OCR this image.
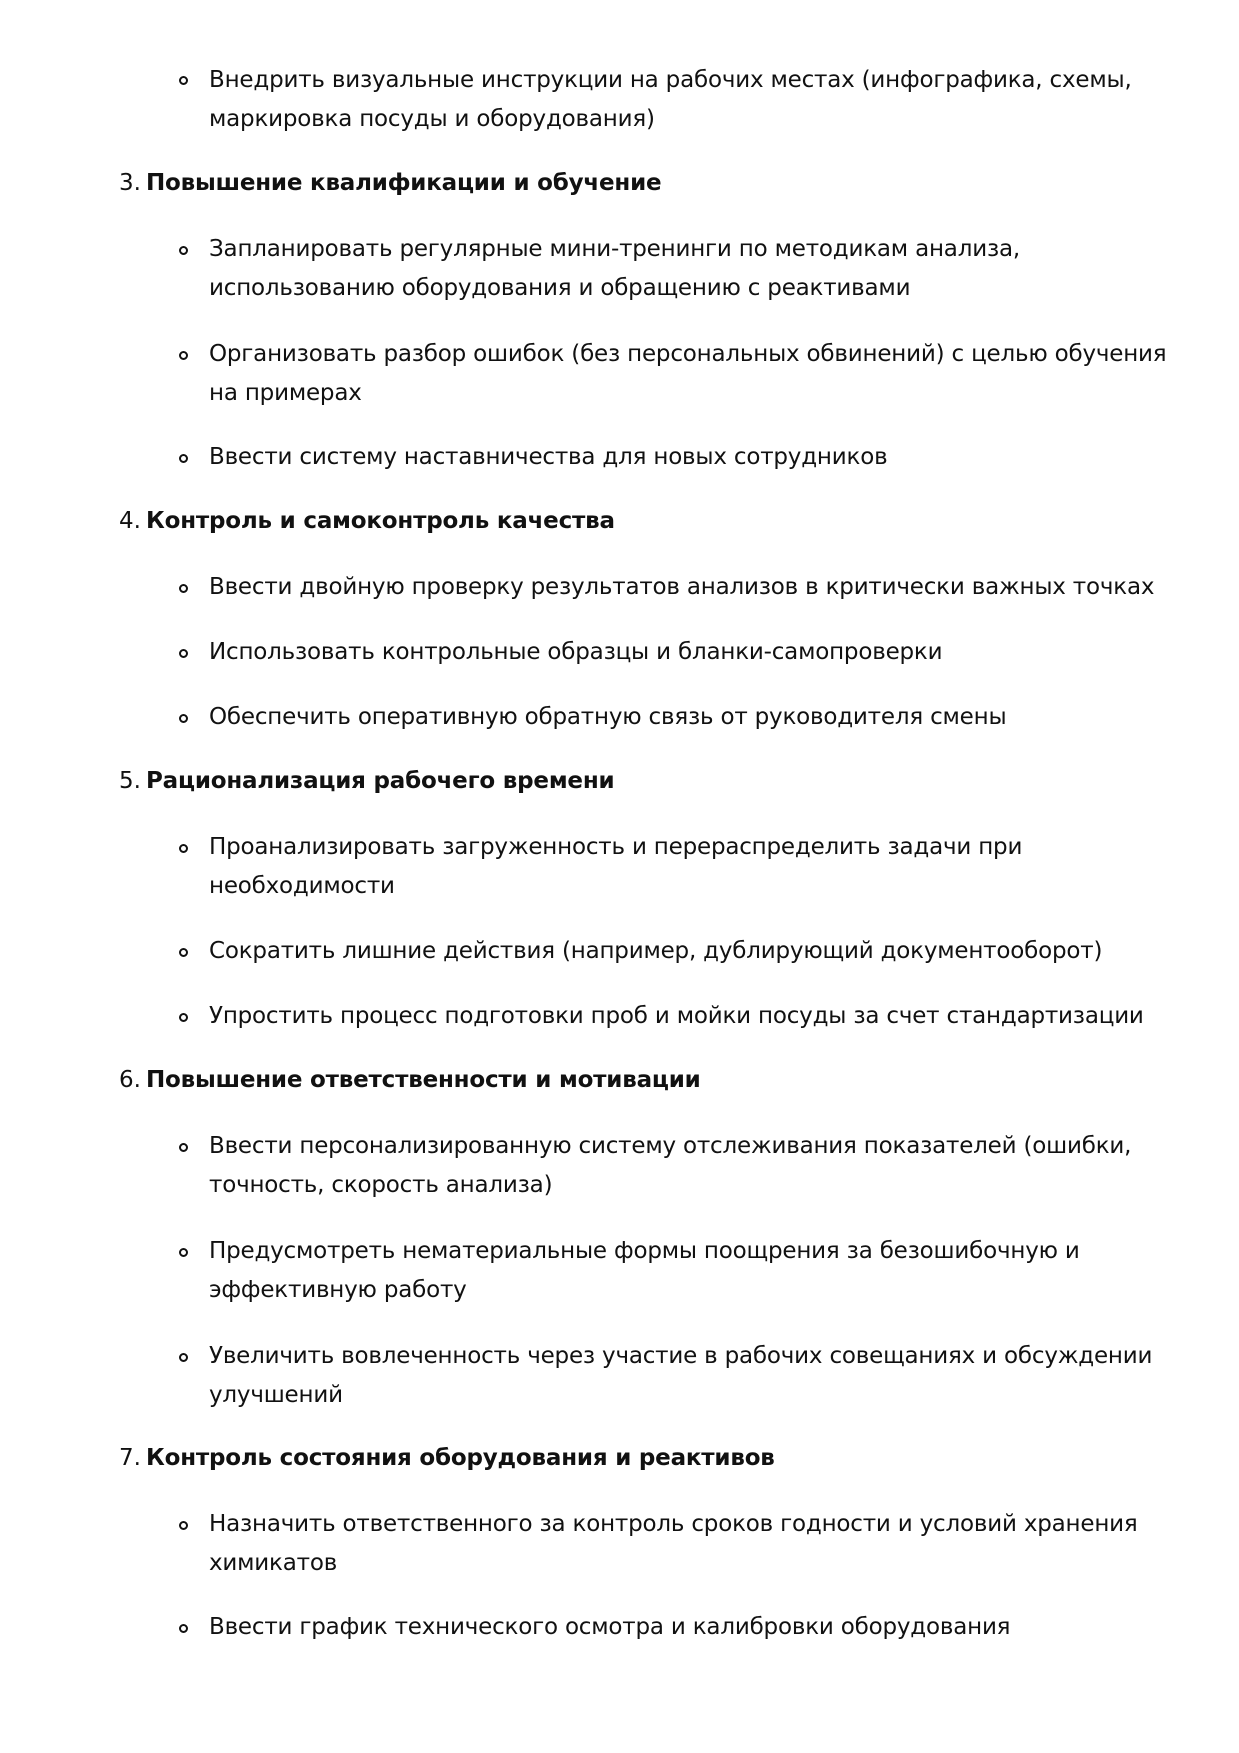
Внедрить визуальные инструкции на рабочих местах (инфографика, схемы,
маркировка посуды и оборудования)
3. Повышение квалификации и обучение
Запланировать регулярные мини-тренинги по методикам анализа,
использованию оборудования и обращению с реактивами
Организовать разбор ошибок (без персональных обвинений) с целью обучения
на примерах
Ввести систему наставничества для новых сотрудников
4. Контроль и самоконтроль качества
Ввести двойную проверку результатов анализов в критически важных точках
Использовать контрольные образцы и бланки-самопроверки
Обеспечить оперативную обратную связь от руководителя смены
5. Рационализация рабочего времени
Проанализировать загруженность и перераспределить задачи при
необходимости
Сократить лишние действия (например, дублирующий документооборот)
Упростить процесс подготовки проб и мойки посуды за счет стандартизации
6. Повышение ответственности и мотивации
Ввести персонализированную систему отслеживания показателей (ошибки,
точность, скорость анализа)
Предусмотреть нематериальные формы поощрения за безошибочную и
эффективную работу
Увеличить вовлеченность через участие в рабочих совещаниях и обсуждении
улучшений
7. Контроль состояния оборудования и реактивов
Назначить ответственного за контроль сроков годности и условий хранения
химикатов
Ввести график технического осмотра и калибровки оборудования
